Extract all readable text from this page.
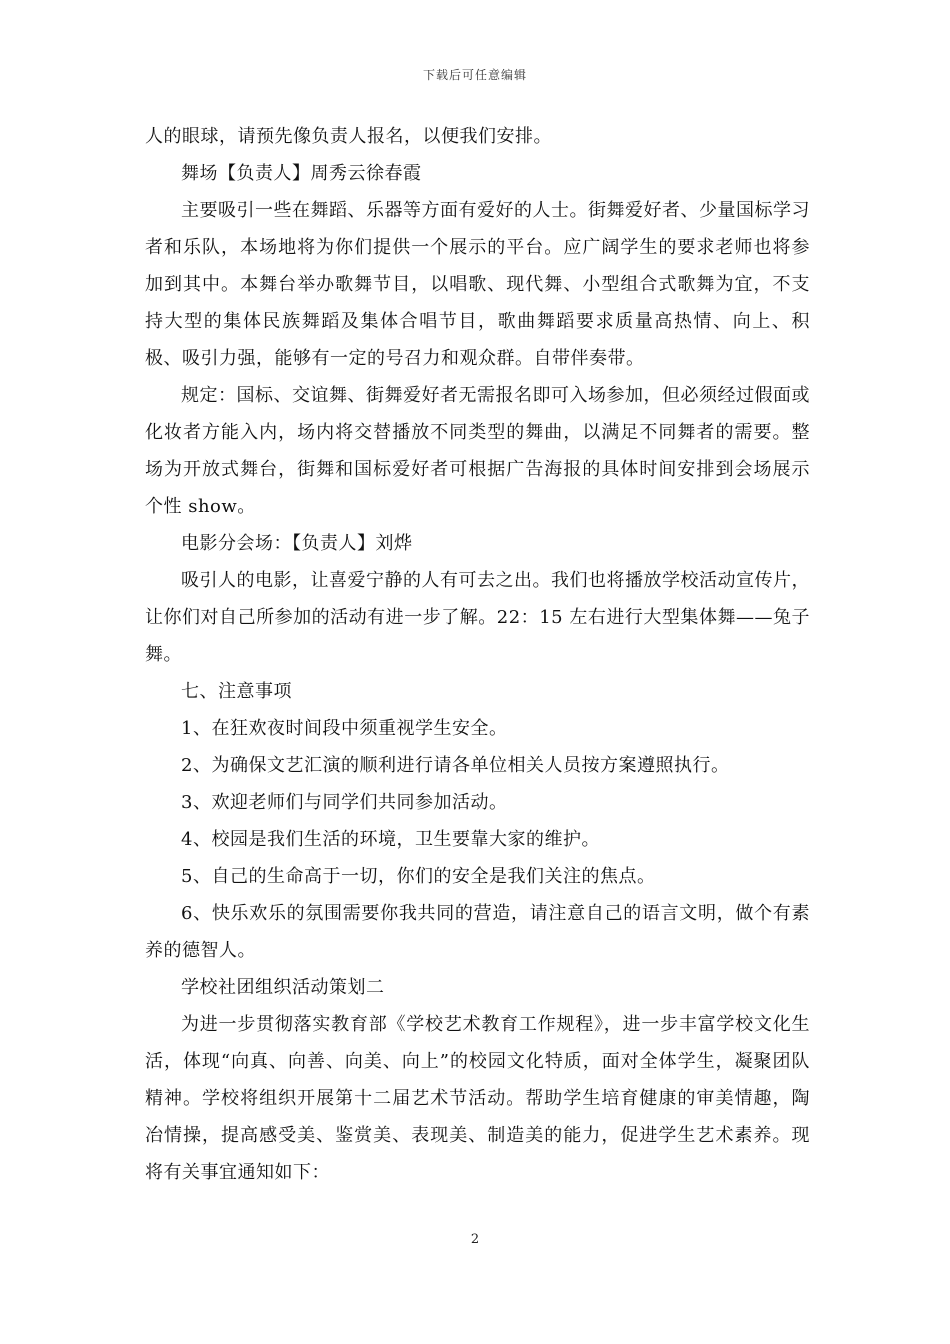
下载后可任意编辑

人的眼球，请预先像负责人报名，以便我们安排。

舞场【负责人】周秀云徐春霞

主要吸引一些在舞蹈、乐器等方面有爱好的人士。街舞爱好者、少量国标学习者和乐队，本场地将为你们提供一个展示的平台。应广阔学生的要求老师也将参加到其中。本舞台举办歌舞节目，以唱歌、现代舞、小型组合式歌舞为宜，不支持大型的集体民族舞蹈及集体合唱节目，歌曲舞蹈要求质量高热情、向上、积极、吸引力强，能够有一定的号召力和观众群。自带伴奏带。

规定：国标、交谊舞、街舞爱好者无需报名即可入场参加，但必须经过假面或化妆者方能入内，场内将交替播放不同类型的舞曲，以满足不同舞者的需要。整场为开放式舞台，街舞和国标爱好者可根据广告海报的具体时间安排到会场展示个性 show。

电影分会场：【负责人】刘烨

吸引人的电影，让喜爱宁静的人有可去之出。我们也将播放学校活动宣传片，让你们对自己所参加的活动有进一步了解。22：15 左右进行大型集体舞——兔子舞。

七、注意事项

1、在狂欢夜时间段中须重视学生安全。

2、为确保文艺汇演的顺利进行请各单位相关人员按方案遵照执行。

3、欢迎老师们与同学们共同参加活动。

4、校园是我们生活的环境，卫生要靠大家的维护。

5、自己的生命高于一切，你们的安全是我们关注的焦点。

6、快乐欢乐的氛围需要你我共同的营造，请注意自己的语言文明，做个有素养的德智人。

学校社团组织活动策划二

为进一步贯彻落实教育部《学校艺术教育工作规程》，进一步丰富学校文化生活，体现“向真、向善、向美、向上”的校园文化特质，面对全体学生，凝聚团队精神。学校将组织开展第十二届艺术节活动。帮助学生培育健康的审美情趣，陶冶情操，提高感受美、鉴赏美、表现美、制造美的能力，促进学生艺术素养。现将有关事宜通知如下：

2
